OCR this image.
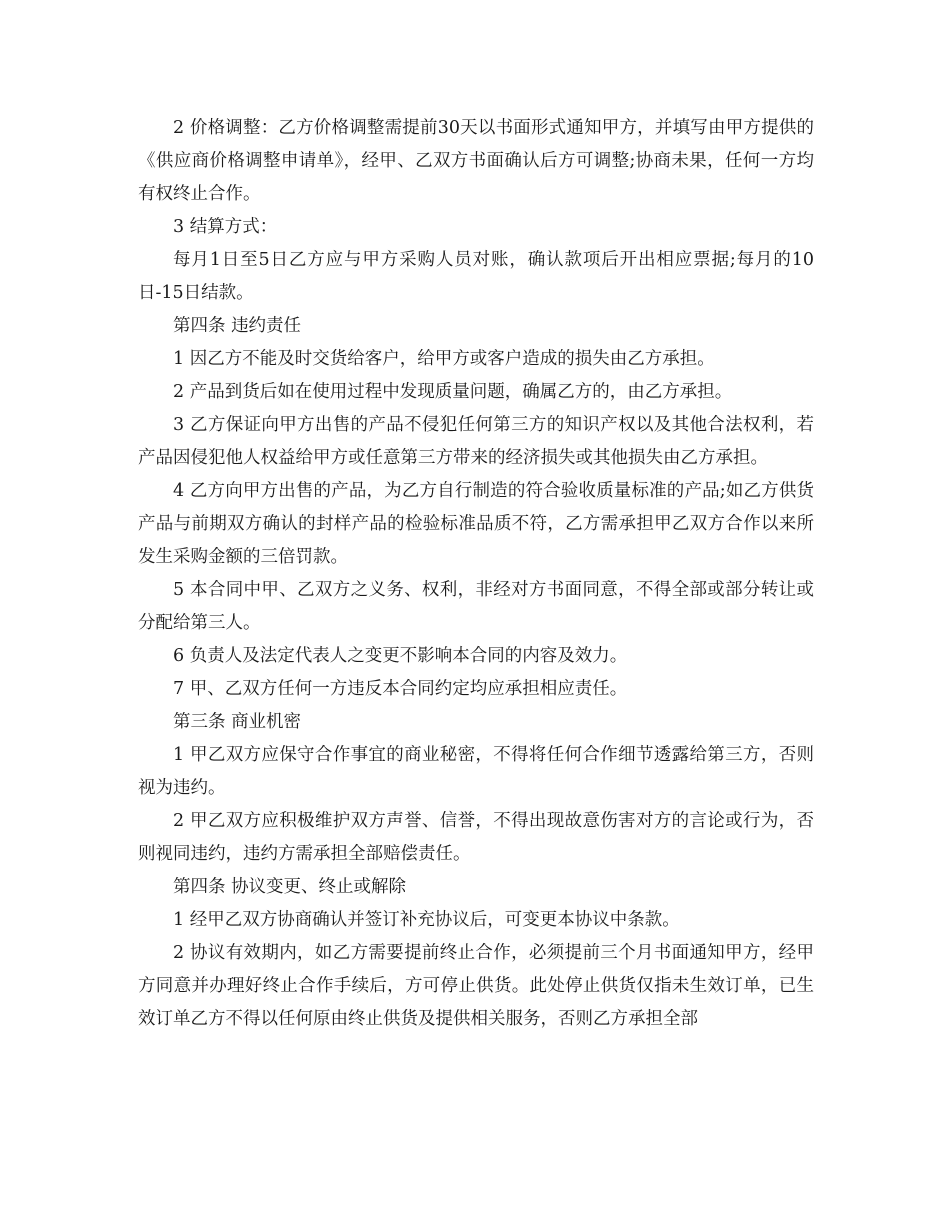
2 价格调整：乙方价格调整需提前30天以书面形式通知甲方，并填写由甲方提供的《供应商价格调整申请单》，经甲、乙双方书面确认后方可调整;协商未果，任何一方均有权终止合作。

3 结算方式：

每月1日至5日乙方应与甲方采购人员对账，确认款项后开出相应票据;每月的10日-15日结款。

第四条 违约责任

1 因乙方不能及时交货给客户，给甲方或客户造成的损失由乙方承担。

2 产品到货后如在使用过程中发现质量问题，确属乙方的，由乙方承担。

3 乙方保证向甲方出售的产品不侵犯任何第三方的知识产权以及其他合法权利，若产品因侵犯他人权益给甲方或任意第三方带来的经济损失或其他损失由乙方承担。

4 乙方向甲方出售的产品，为乙方自行制造的符合验收质量标准的产品;如乙方供货产品与前期双方确认的封样产品的检验标准品质不符，乙方需承担甲乙双方合作以来所发生采购金额的三倍罚款。

5 本合同中甲、乙双方之义务、权利，非经对方书面同意，不得全部或部分转让或分配给第三人。

6 负责人及法定代表人之变更不影响本合同的内容及效力。

7 甲、乙双方任何一方违反本合同约定均应承担相应责任。

第三条 商业机密

1 甲乙双方应保守合作事宜的商业秘密，不得将任何合作细节透露给第三方，否则视为违约。

2 甲乙双方应积极维护双方声誉、信誉，不得出现故意伤害对方的言论或行为，否则视同违约，违约方需承担全部赔偿责任。

第四条 协议变更、终止或解除

1 经甲乙双方协商确认并签订补充协议后，可变更本协议中条款。

2 协议有效期内，如乙方需要提前终止合作，必须提前三个月书面通知甲方，经甲方同意并办理好终止合作手续后，方可停止供货。此处停止供货仅指未生效订单，已生效订单乙方不得以任何原由终止供货及提供相关服务，否则乙方承担全部
